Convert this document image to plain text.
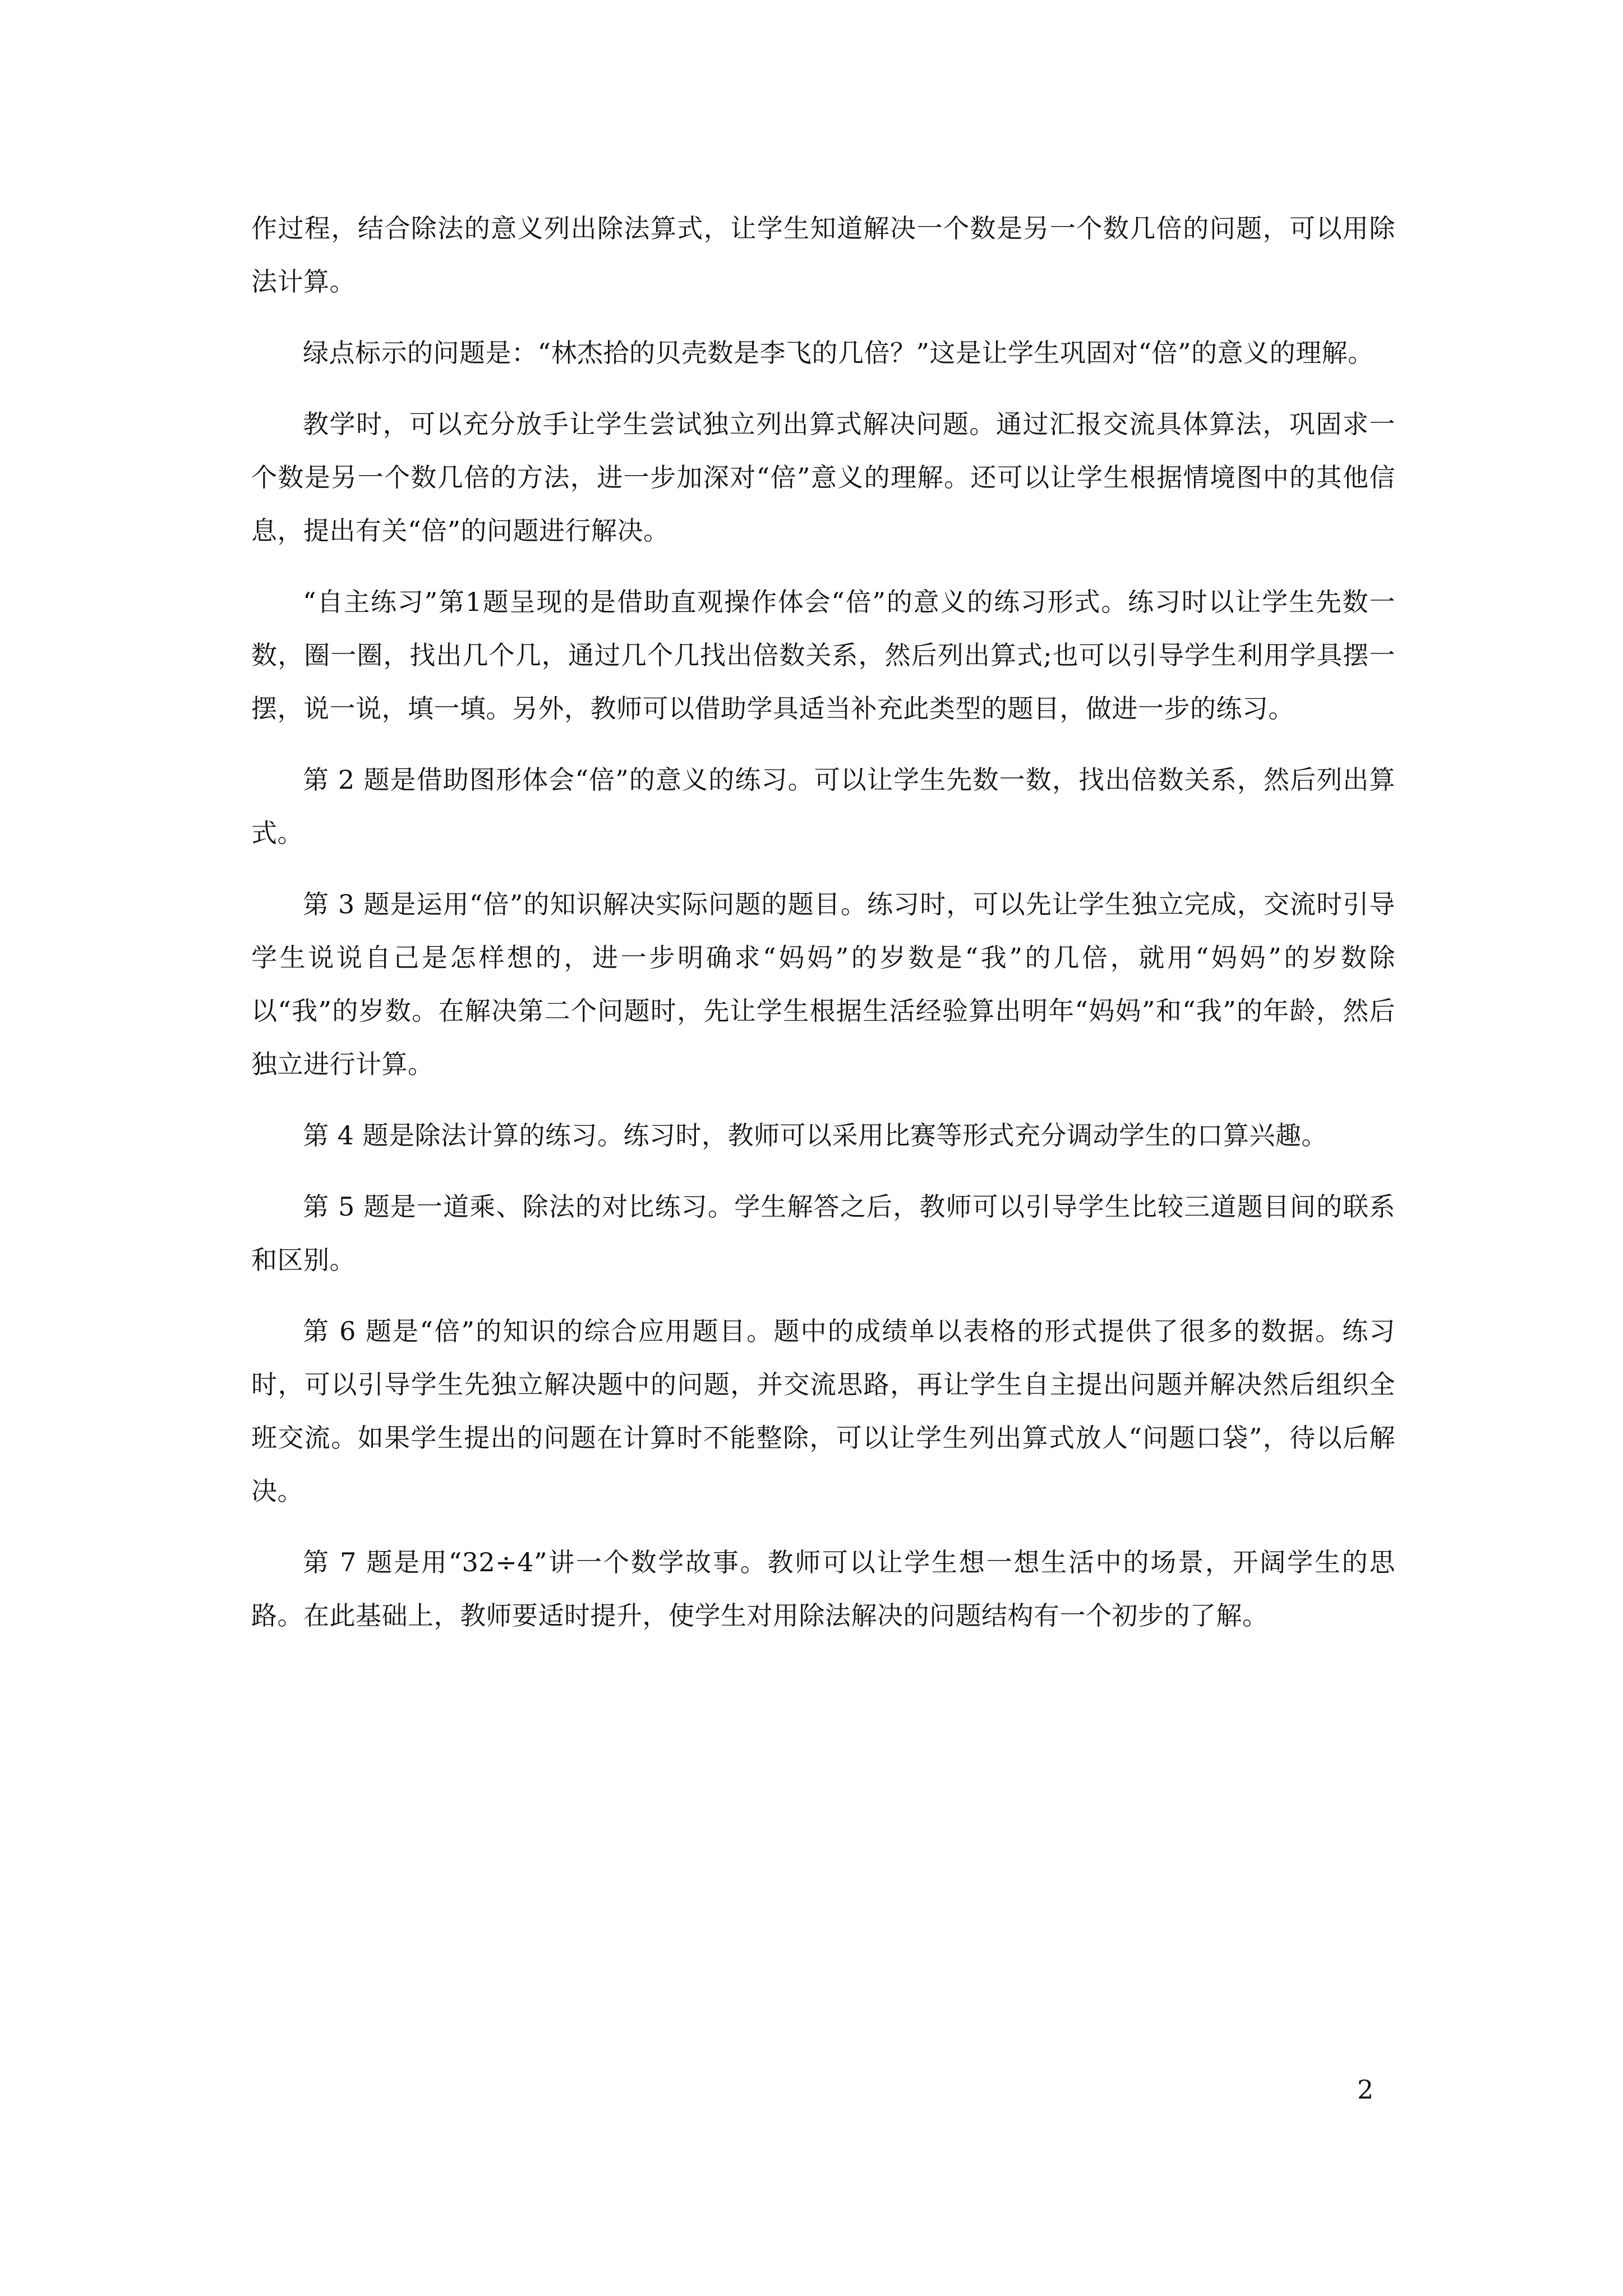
作过程，结合除法的意义列出除法算式，让学生知道解决一个数是另一个数几倍的问题，可以用除法计算。

绿点标示的问题是：“林杰拾的贝壳数是李飞的几倍？”这是让学生巩固对“倍”的意义的理解。

教学时，可以充分放手让学生尝试独立列出算式解决问题。通过汇报交流具体算法，巩固求一个数是另一个数几倍的方法，进一步加深对“倍”意义的理解。还可以让学生根据情境图中的其他信息，提出有关“倍”的问题进行解决。

“自主练习”第1题呈现的是借助直观操作体会“倍”的意义的练习形式。练习时以让学生先数一数，圈一圈，找出几个几，通过几个几找出倍数关系，然后列出算式;也可以引导学生利用学具摆一摆，说一说，填一填。另外，教师可以借助学具适当补充此类型的题目，做进一步的练习。

第 2 题是借助图形体会“倍”的意义的练习。可以让学生先数一数，找出倍数关系，然后列出算式。

第 3 题是运用“倍”的知识解决实际问题的题目。练习时，可以先让学生独立完成，交流时引导学生说说自己是怎样想的，进一步明确求“妈妈”的岁数是“我”的几倍，就用“妈妈”的岁数除以“我”的岁数。在解决第二个问题时，先让学生根据生活经验算出明年“妈妈”和“我”的年龄，然后独立进行计算。

第 4 题是除法计算的练习。练习时，教师可以采用比赛等形式充分调动学生的口算兴趣。

第 5 题是一道乘、除法的对比练习。学生解答之后，教师可以引导学生比较三道题目间的联系和区别。

第 6 题是“倍”的知识的综合应用题目。题中的成绩单以表格的形式提供了很多的数据。练习时，可以引导学生先独立解决题中的问题，并交流思路，再让学生自主提出问题并解决然后组织全班交流。如果学生提出的问题在计算时不能整除，可以让学生列出算式放人“问题口袋”，待以后解决。

第 7 题是用“32÷4”讲一个数学故事。教师可以让学生想一想生活中的场景，开阔学生的思路。在此基础上，教师要适时提升，使学生对用除法解决的问题结构有一个初步的了解。

2
